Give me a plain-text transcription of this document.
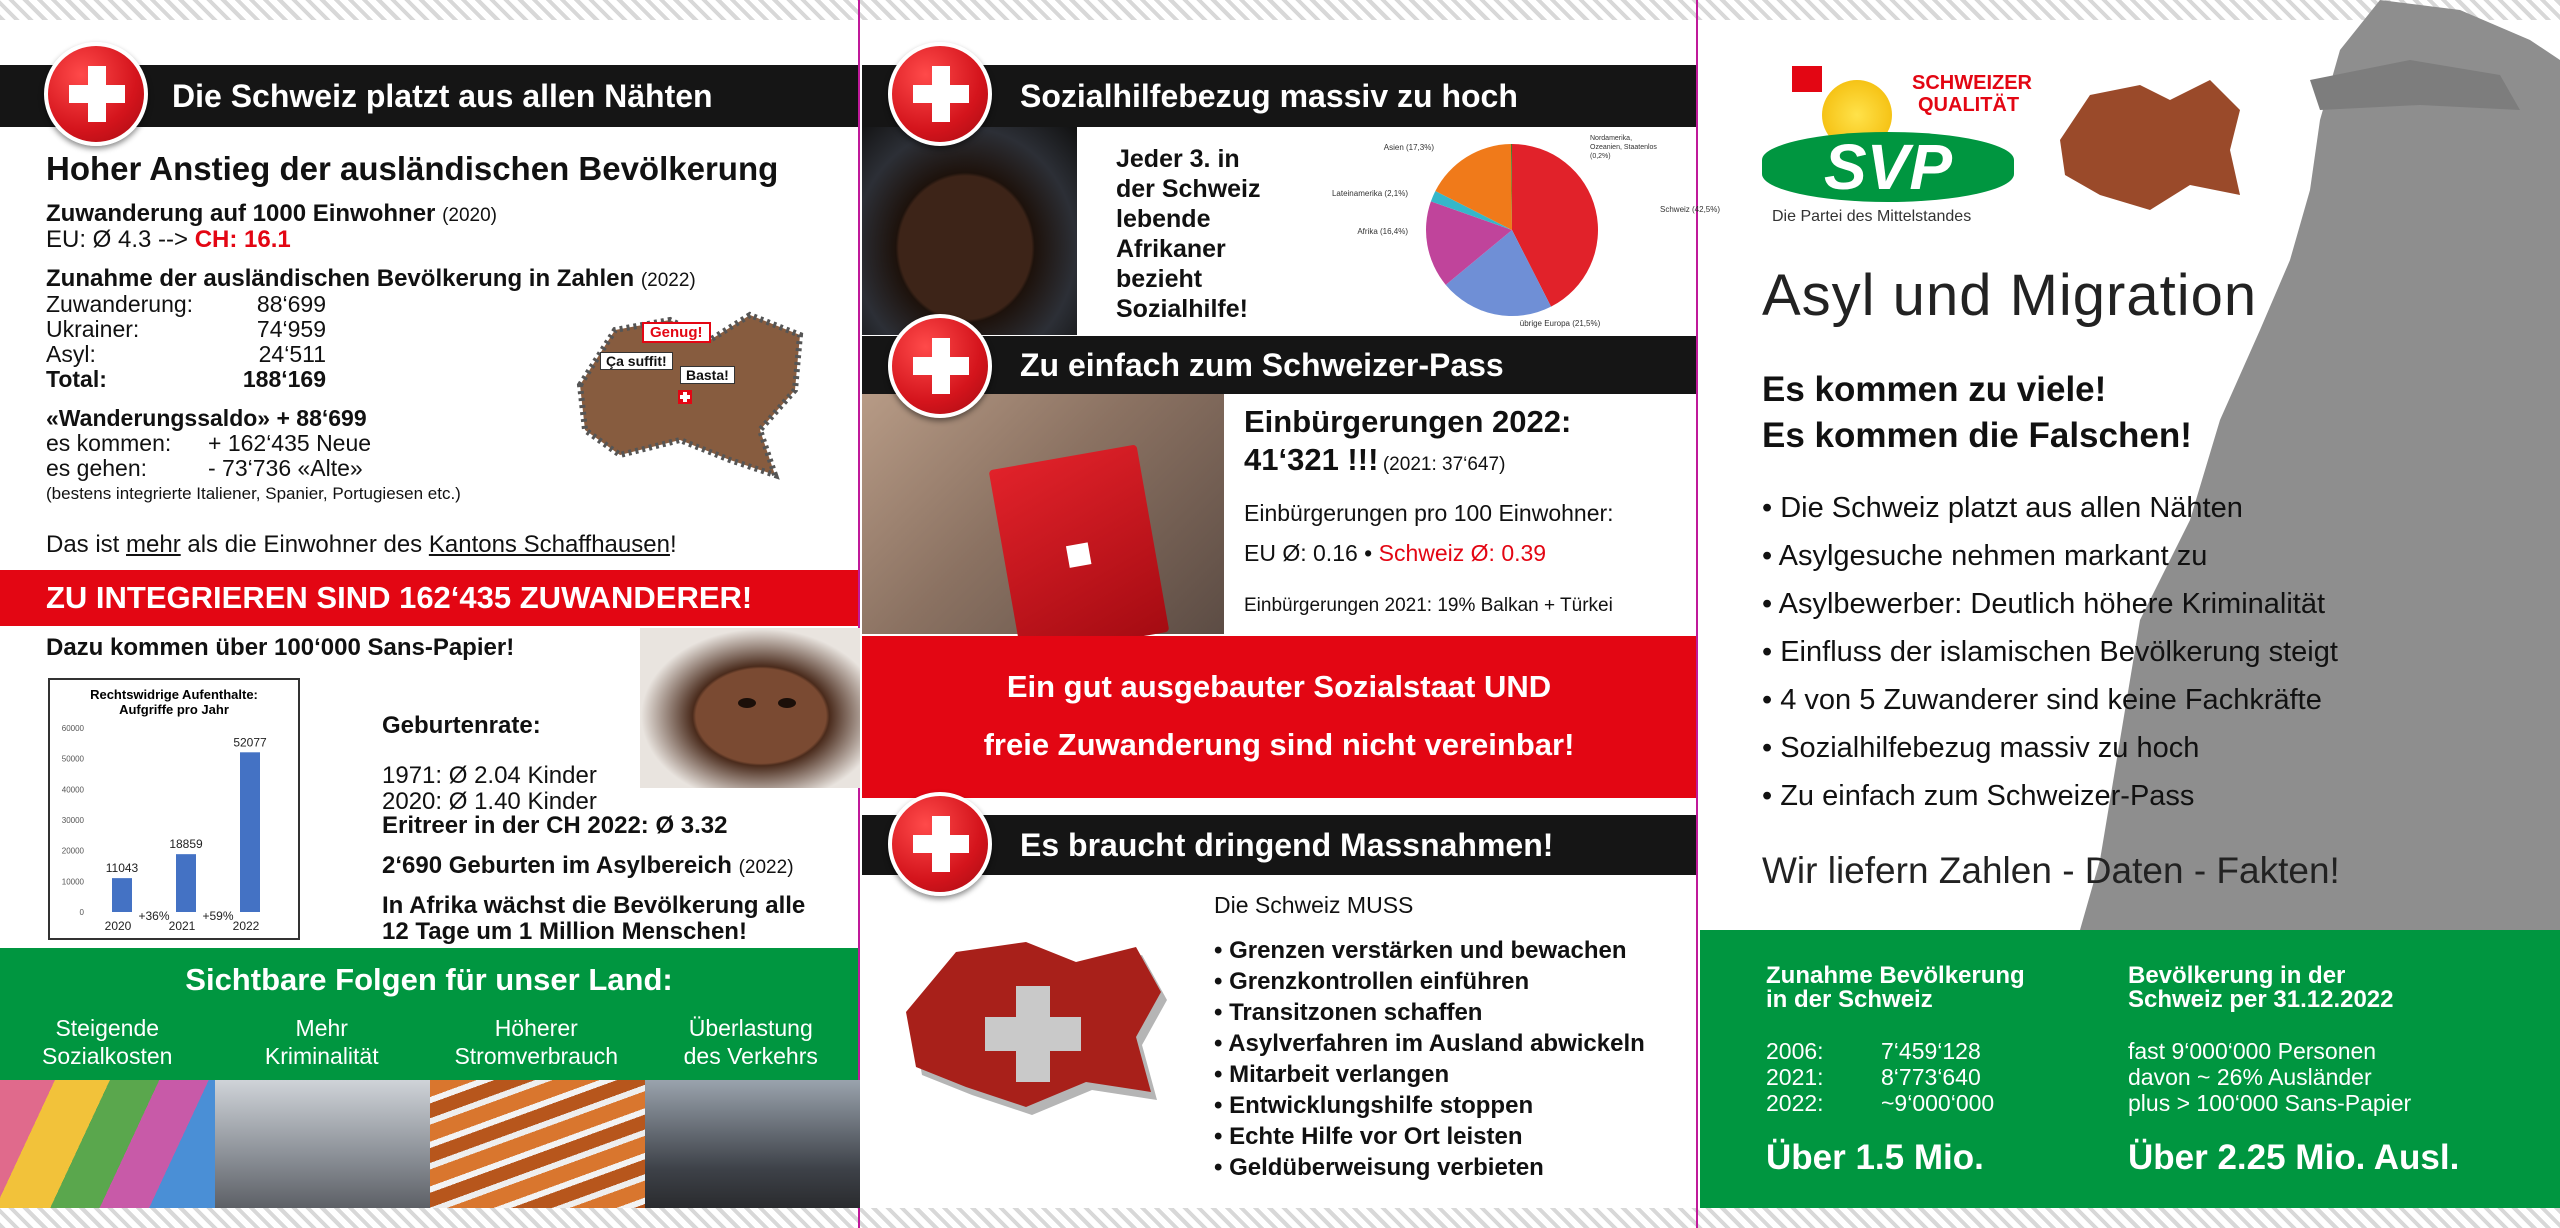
Die Schweiz platzt aus allen Nähten
Hoher Anstieg der ausländischen Bevölkerung
Zuwanderung auf 1000 Einwohner (2020)
EU: Ø 4.3 --> CH: 16.1
Zunahme der ausländischen Bevölkerung in Zahlen (2022)
Zuwanderung:	88‘699
Ukrainer:	74‘959
Asyl:	24‘511
Total:	188‘169
«Wanderungssaldo» + 88‘699
es kommen:	+ 162‘435 Neue
es gehen:	- 73‘736 «Alte»
(bestens integrierte Italiener, Spanier, Portugiesen etc.)
Das ist mehr als die Einwohner des Kantons Schaffhausen!
Genug!
Ça suffit!
Basta!
ZU INTEGRIEREN SIND 162‘435 ZUWANDERER!
Dazu kommen über 100‘000 Sans-Papier!
Rechtswidrige Aufenthalte:
Aufgriffe pro Jahr
0
10000
20000
30000
40000
50000
60000
11043
2020
18859
2021
52077
2022
+36%	+59%
Geburtenrate:
1971: Ø 2.04 Kinder
2020: Ø 1.40 Kinder
Eritreer in der CH 2022: Ø 3.32
2‘690 Geburten im Asylbereich (2022)
In Afrika wächst die Bevölkerung alle
12 Tage um 1 Million Menschen!
Sichtbare Folgen für unser Land:
Steigende
Sozialkosten
Mehr
Kriminalität
Höherer
Stromverbrauch
Überlastung
des Verkehrs
Sozialhilfebezug massiv zu hoch
Jeder 3. in
der Schweiz
lebende
Afrikaner
bezieht
Sozialhilfe!
Schweiz (42,5%)
übrige Europa (21,5%)
Afrika (16,4%)
Lateinamerika (2,1%)
Asien (17,3%)
Nordamerika,
Ozeanien, Staatenlos
(0,2%)
Zu einfach zum Schweizer-Pass
Einbürgerungen 2022:
41‘321 !!! (2021: 37‘647)
Einbürgerungen pro 100 Einwohner:
EU Ø: 0.16 • Schweiz Ø: 0.39
Einbürgerungen 2021: 19% Balkan + Türkei
Ein gut ausgebauter Sozialstaat UND
freie Zuwanderung sind nicht vereinbar!
Es braucht dringend Massnahmen!
Die Schweiz MUSS
• Grenzen verstärken und bewachen
• Grenzkontrollen einführen
• Transitzonen schaffen
• Asylverfahren im Ausland abwickeln
• Mitarbeit verlangen
• Entwicklungshilfe stoppen
• Echte Hilfe vor Ort leisten
• Geldüberweisung verbieten
SCHWEIZER
QUALITÄT
SVP
Die Partei des Mittelstandes
Asyl und Migration
Es kommen zu viele!
Es kommen die Falschen!
• Die Schweiz platzt aus allen Nähten
• Asylgesuche nehmen markant zu
• Asylbewerber: Deutlich höhere Kriminalität
• Einfluss der islamischen Bevölkerung steigt
• 4 von 5 Zuwanderer sind keine Fachkräfte
• Sozialhilfebezug massiv zu hoch
• Zu einfach zum Schweizer-Pass
Wir liefern Zahlen - Daten - Fakten!
Zunahme Bevölkerung
in der Schweiz
2006:	7‘459‘128
2021:	8‘773‘640
2022:	~9‘000‘000
Über 1.5 Mio.
Bevölkerung in der
Schweiz per 31.12.2022
fast 9‘000‘000 Personen
davon ~ 26% Ausländer
plus > 100‘000 Sans-Papier
Über 2.25 Mio. Ausl.
